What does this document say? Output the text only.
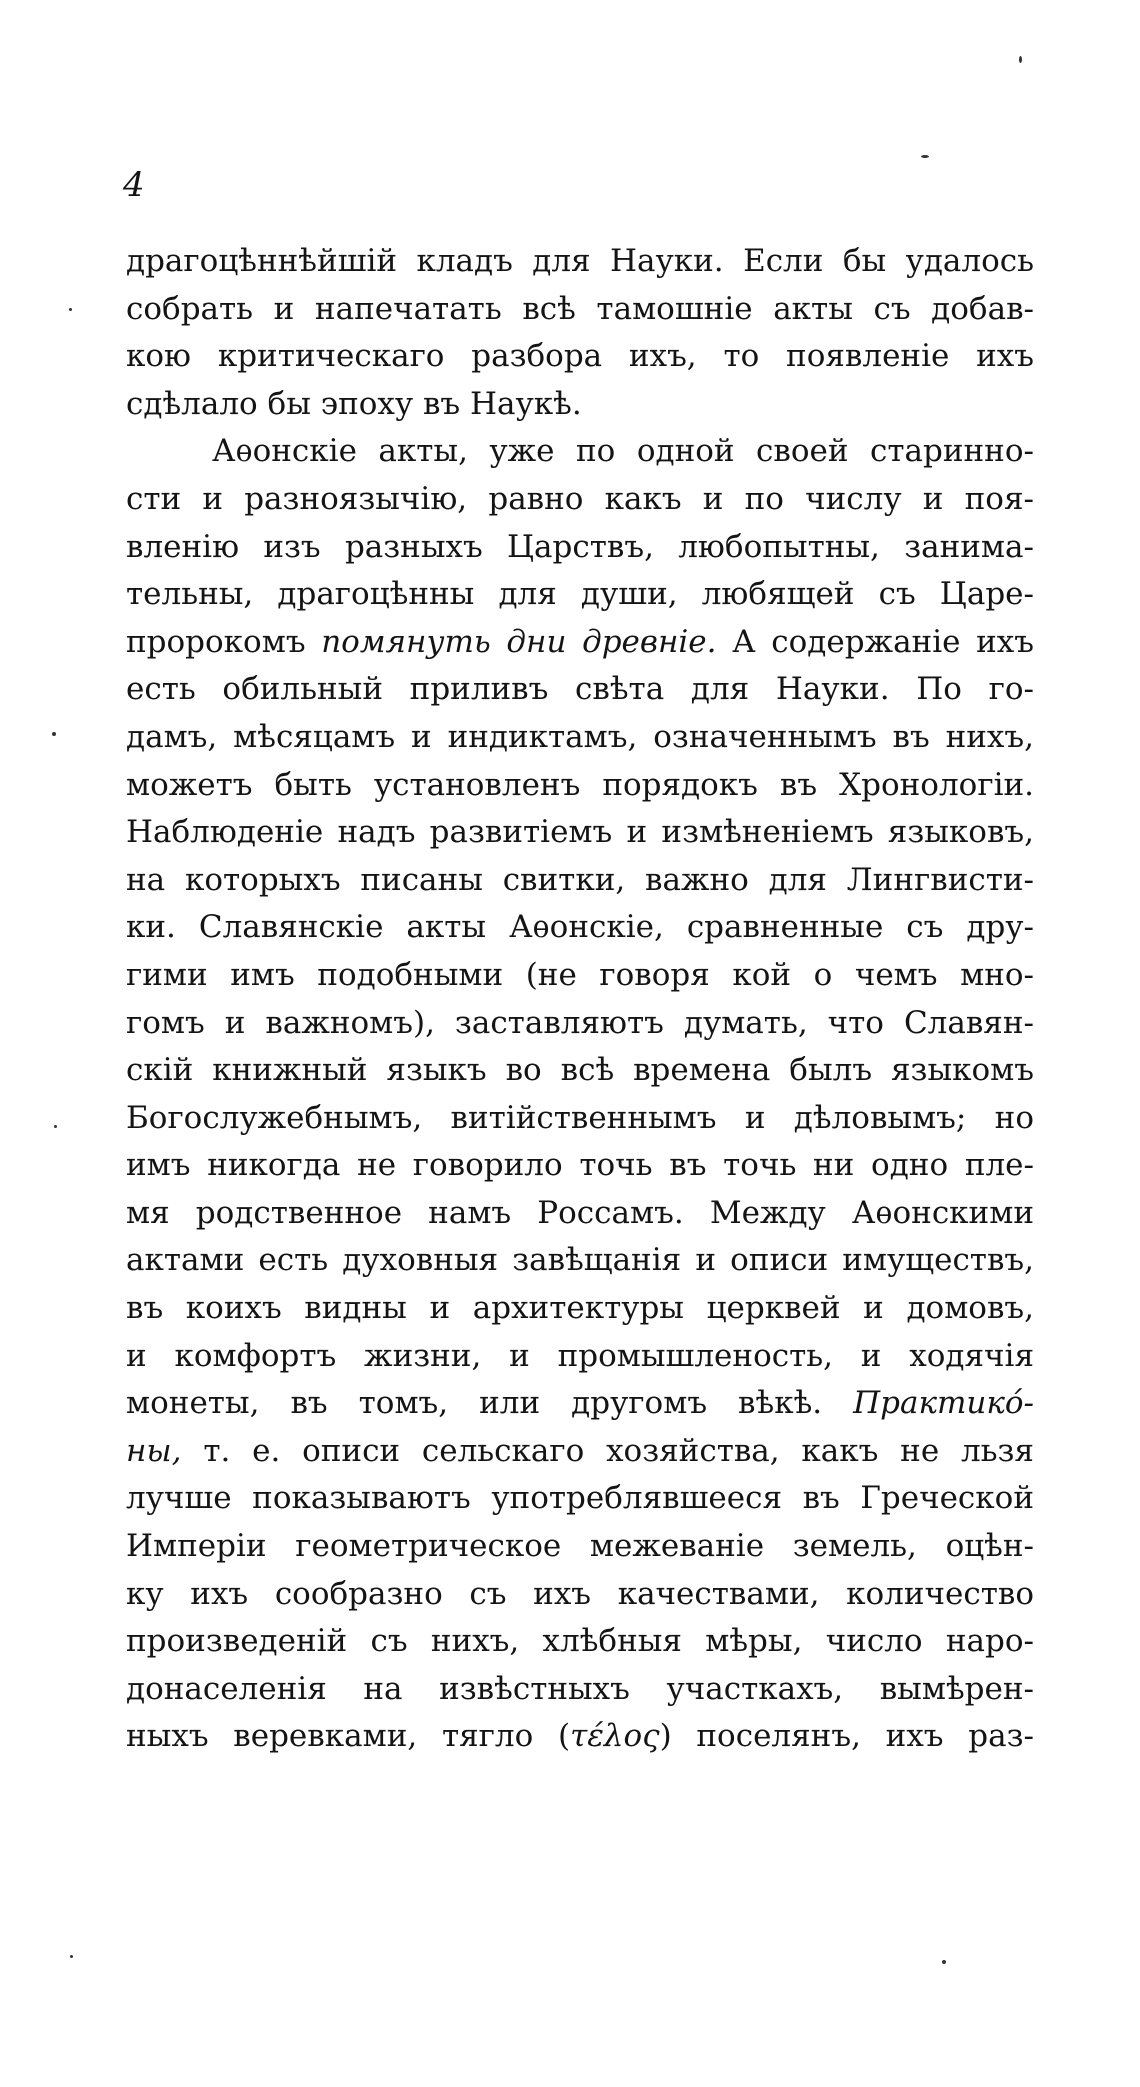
4
драгоцѣннѣйшій кладъ для Науки. Если бы удалось
собрать и напечатать всѣ тамошніе акты съ добав-
кою критическаго разбора ихъ, то появленіе ихъ
сдѣлало бы эпоху въ Наукѣ.
Аѳонскіе акты, уже по одной своей старинно-
сти и разноязычію, равно какъ и по числу и поя-
вленію изъ разныхъ Царствъ, любопытны, занима-
тельны, драгоцѣнны для души, любящей съ Царе-
пророкомъ помянуть дни древніе. А содержаніе ихъ
есть обильный приливъ свѣта для Науки. По го-
дамъ, мѣсяцамъ и индиктамъ, означеннымъ въ нихъ,
можетъ быть установленъ порядокъ въ Хронологіи.
Наблюденіе надъ развитіемъ и измѣненіемъ языковъ,
на которыхъ писаны свитки, важно для Лингвисти-
ки. Славянскіе акты Аѳонскіе, сравненные съ дру-
гими имъ подобными (не говоря кой о чемъ мно-
гомъ и важномъ), заставляютъ думать, что Славян-
скій книжный языкъ во всѣ времена былъ языкомъ
Богослужебнымъ, витійственнымъ и дѣловымъ; но
имъ никогда не говорило точь въ точь ни одно пле-
мя родственное намъ Россамъ. Между Аѳонскими
актами есть духовныя завѣщанія и описи имуществъ,
въ коихъ видны и архитектуры церквей и домовъ,
и комфортъ жизни, и промышленость, и ходячія
монеты, въ томъ, или другомъ вѣкѣ. Практико́-
ны, т. е. описи сельскаго хозяйства, какъ не льзя
лучше показываютъ употреблявшееся въ Греческой
Имперіи геометрическое межеваніе земель, оцѣн-
ку ихъ сообразно съ ихъ качествами, количество
произведеній съ нихъ, хлѣбныя мѣры, число наро-
донаселенія на извѣстныхъ участкахъ, вымѣрен-
ныхъ веревками, тягло (τέλος) поселянъ, ихъ раз-
